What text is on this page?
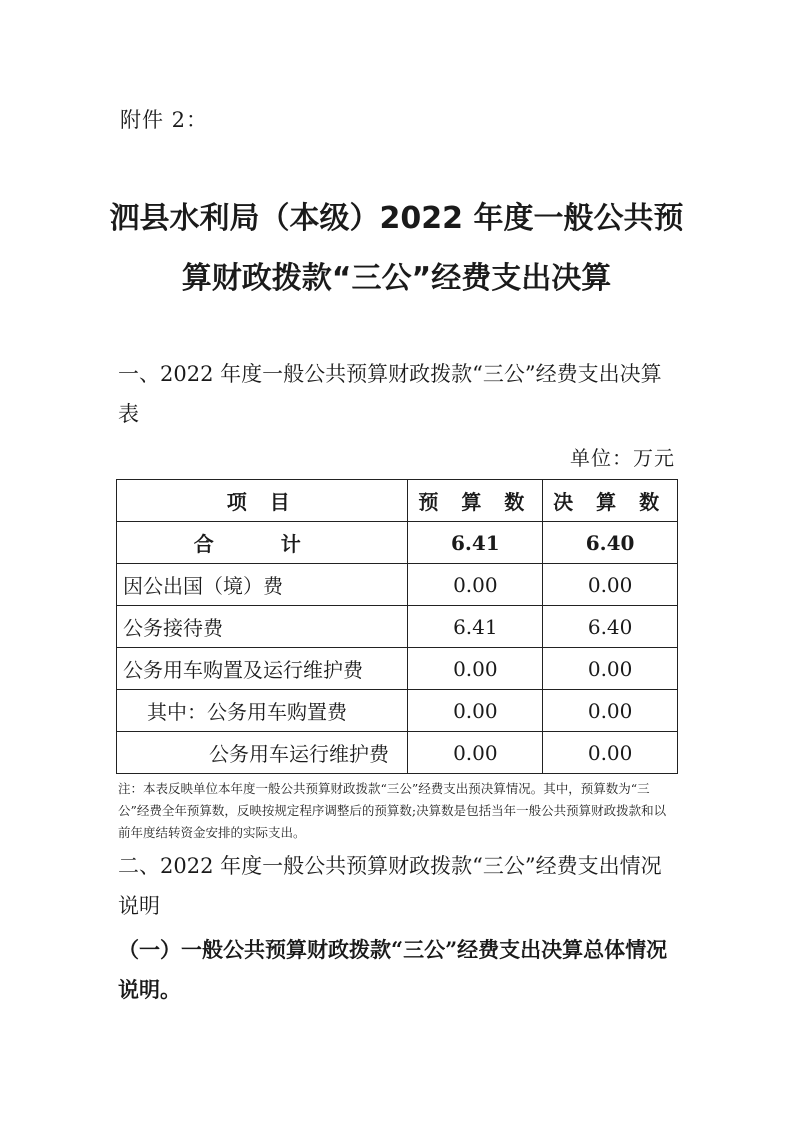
附件 2：
泗县水利局（本级）2022 年度一般公共预
算财政拨款“三公”经费支出决算
一、2022 年度一般公共预算财政拨款“三公”经费支出决算表
单位：万元
项 目	预 算 数	决 算 数
合 计	6.41	6.40
因公出国（境）费	0.00	0.00
公务接待费	6.41	6.40
公务用车购置及运行维护费	0.00	0.00
其中：公务用车购置费	0.00	0.00
公务用车运行维护费	0.00	0.00
注：本表反映单位本年度一般公共预算财政拨款“三公”经费支出预决算情况。其中，预算数为“三公”经费全年预算数，反映按规定程序调整后的预算数;决算数是包括当年一般公共预算财政拨款和以前年度结转资金安排的实际支出。
二、2022 年度一般公共预算财政拨款“三公”经费支出情况说明
（一）一般公共预算财政拨款“三公”经费支出决算总体情况说明。
